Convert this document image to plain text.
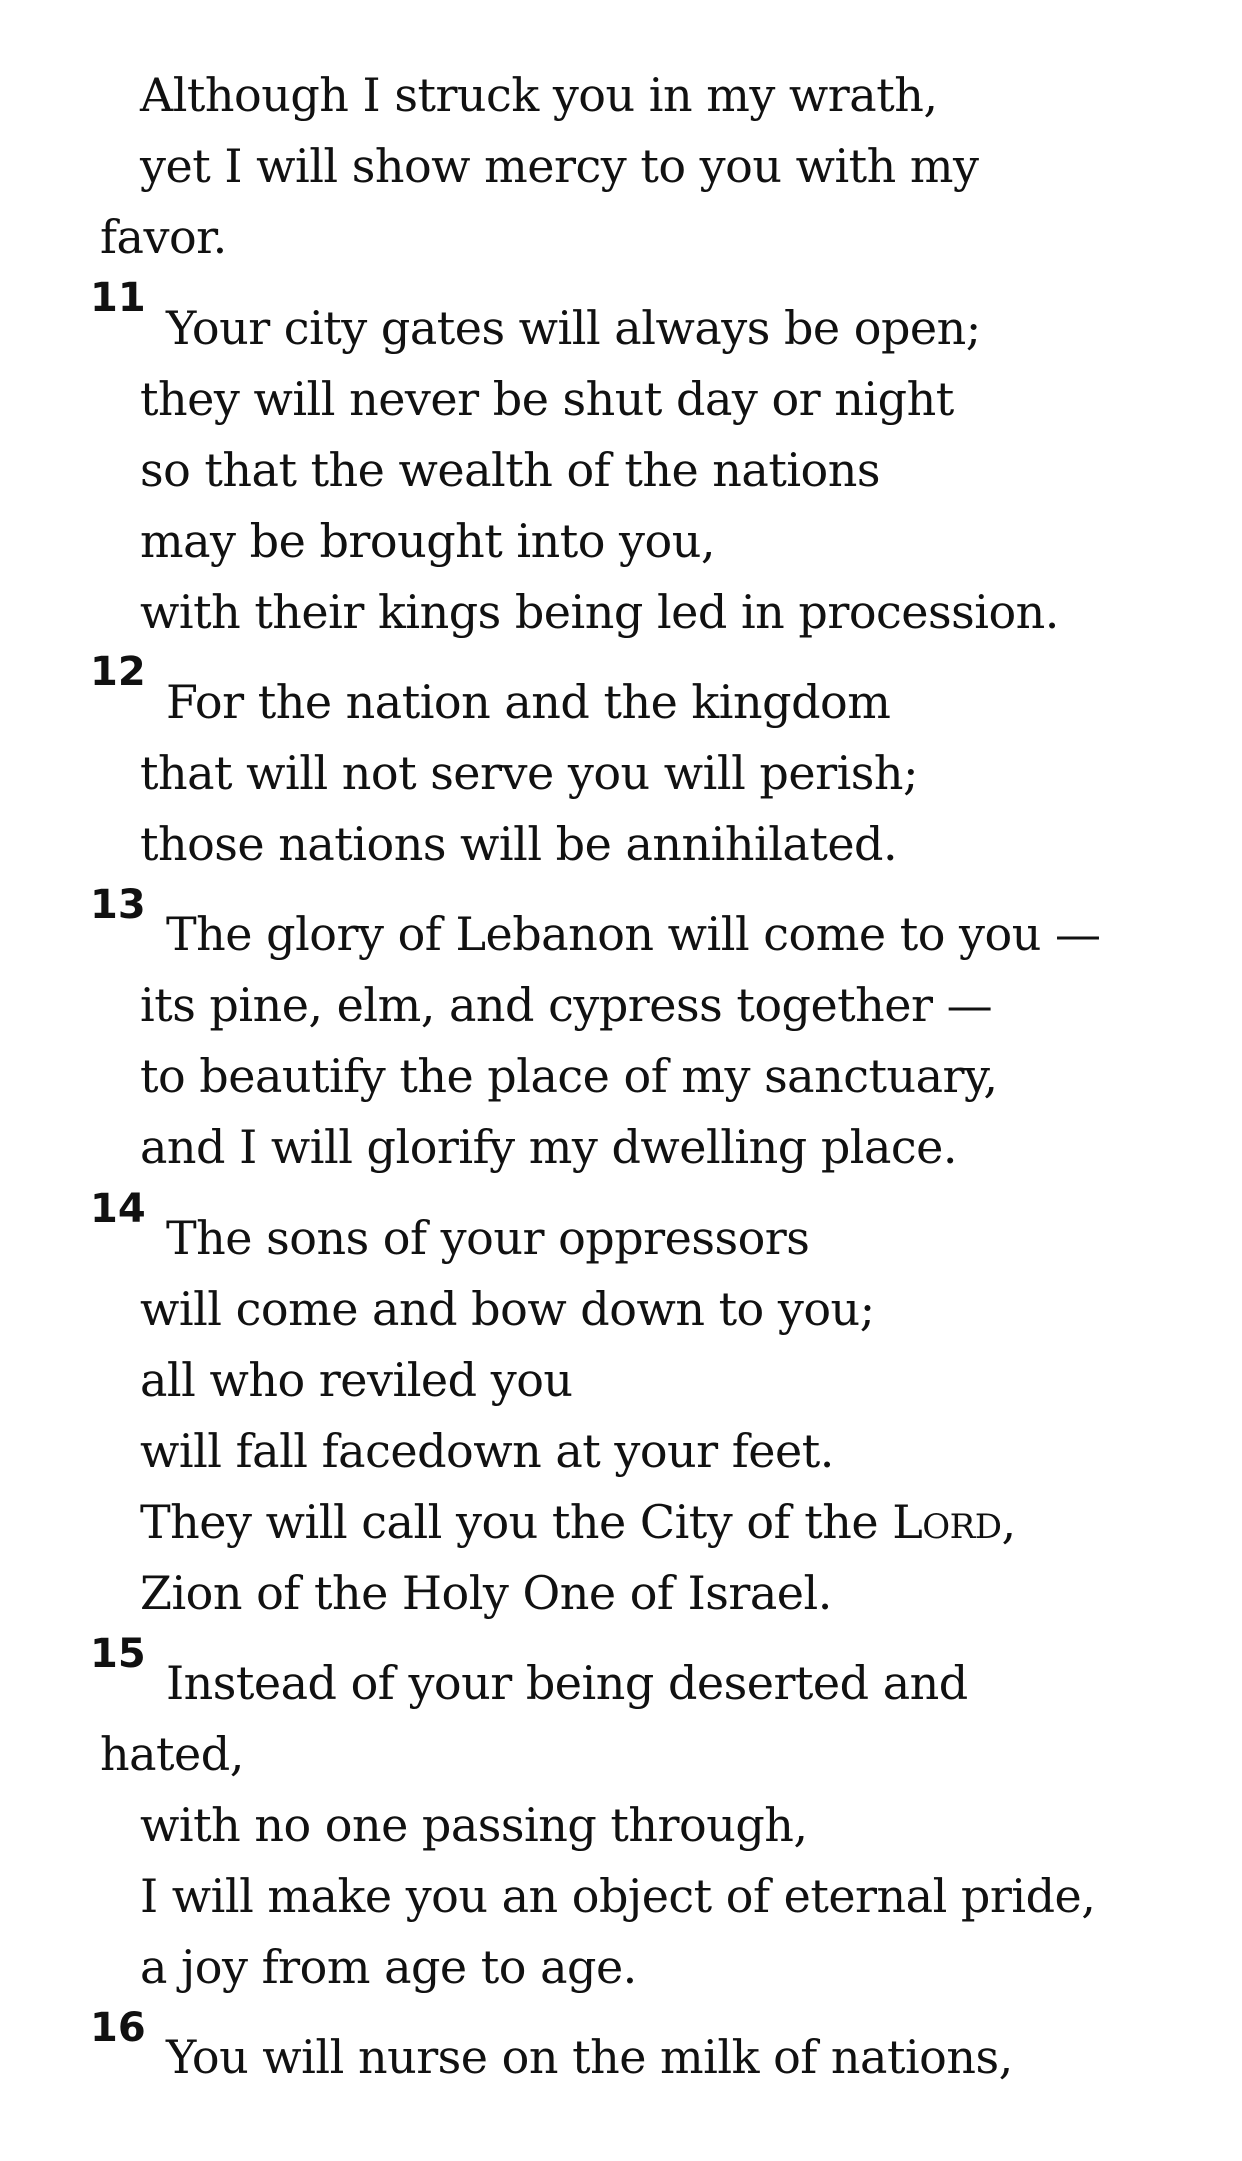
Although I struck you in my wrath,
yet I will show mercy to you with my
favor.
11
Your city gates will always be open;
they will never be shut day or night
so that the wealth of the nations
may be brought into you,
with their kings being led in procession.
12
For the nation and the kingdom
that will not serve you will perish;
those nations will be annihilated.
13
The glory of Lebanon will come to you —
its pine, elm, and cypress together —
to beautify the place of my sanctuary,
and I will glorify my dwelling place.
14
The sons of your oppressors
will come and bow down to you;
all who reviled you
will fall facedown at your feet.
They will call you the City of the LORD,
Zion of the Holy One of Israel.
15
Instead of your being deserted and
hated,
with no one passing through,
I will make you an object of eternal pride,
a joy from age to age.
16
You will nurse on the milk of nations,
